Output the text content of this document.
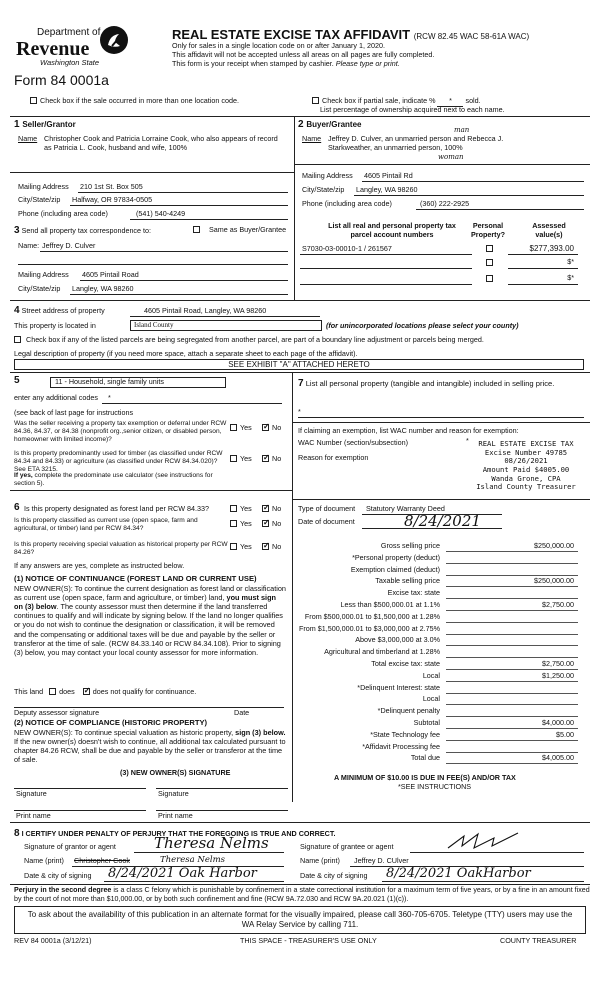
Department of
Revenue
Washington State
Form 84 0001a
REAL ESTATE EXCISE TAX AFFIDAVIT (RCW 82.45 WAC 58-61A WAC)
Only for sales in a single location code on or after January 1, 2020.
This affidavit will not be accepted unless all areas on all pages are fully completed.
This form is your receipt when stamped by cashier. Please type or print.
Check box if the sale occurred in more than one location code.	Check box if partial sale, indicate % * sold.
List percentage of ownership acquired next to each name.
1 Seller/Grantor
Name Christopher Cook and Patricia Lorraine Cook, who also appears of record as Patricia L. Cook, husband and wife, 100%
Mailing Address 210 1st St. Box 505
City/State/zip Halfway, OR 97834-0505
Phone (including area code)	(541) 540-4249
3 Send all property tax correspondence to:	Same as Buyer/Grantee
Name: Jeffrey D. Culver
Mailing Address 4605 Pintail Road
City/State/zip Langley, WA 98260
2 Buyer/Grantee
man
Name Jeffrey D. Culver, an unmarried person and Rebecca J.
Starkweather, an unmarried person, 100%
woman
Mailing Address 4605 Pintail Rd
City/State/zip Langley, WA 98260
Phone (including area code)	(360) 222-2925
List all real and personal property tax
parcel account numbers
Personal
Property?
Assessed
value(s)
S7030-03-00010-1 / 261567	$277,393.00
$*
$*
4 Street address of property	4605 Pintail Road, Langley, WA 98260
This property is located in	Island County	(for unincorporated locations please select your county)
Check box if any of the listed parcels are being segregated from another parcel, are part of a boundary line adjustment or parcels being merged.
Legal description of property (if you need more space, attach a separate sheet to each page of the affidavit).
SEE EXHIBIT "A" ATTACHED HERETO
5	11 - Household, single family units
enter any additional codes *
(see back of last page for instructions
Was the seller receiving a property tax exemption or deferral under RCW 84.36, 84.37, or 84.38 (nonprofit org.,senior citizen, or disabled person, homeowner with limited income)?
Yes ✓	No
Is this property predominantly used for timber (as classified under RCW 84.34 and 84.33) or agriculture (as classified under RCW 84.34.020)? See ETA 3215.
If yes, complete the predominate use calculator (see instructions for section 5).
Yes ✓	No
6 Is this property designated as forest land per RCW 84.33?	Yes ✓	No
Is this property classified as current use (open space, farm and agricultural, or timber) land per RCW 84.34?
Yes ✓	No
Is this property receiving special valuation as historical property per RCW 84.26?
Yes ✓	No
If any answers are yes, complete as instructed below.
(1) NOTICE OF CONTINUANCE (FOREST LAND OR CURRENT USE)
NEW OWNER(S): To continue the current designation as forest land or classification as current use (open space, farm and agriculture, or timber) land, you must sign on (3) below. The county assessor must then determine if the land transferred continues to qualify and will indicate by signing below. If the land no longer qualifies or you do not wish to continue the designation or classification, it will be removed and the compensating or additional taxes will be due and payable by the seller or transferor at the time of sale. (RCW 84.33.140 or RCW 84.34.108). Prior to signing (3) below, you may contact your local county assessor for more information.
This land does ✓	does not qualify for continuance.
Deputy assessor signature	Date
(2) NOTICE OF COMPLIANCE (HISTORIC PROPERTY)
NEW OWNER(S): To continue special valuation as historic property, sign (3) below. If the new owner(s) doesn't wish to continue, all additional tax calculated pursuant to chapter 84.26 RCW, shall be due and payable by the seller or transferor at the time of sale.
(3) NEW OWNER(S) SIGNATURE
Signature	Signature
Print name	Print name
7 List all personal property (tangible and intangible) included in selling price.
*
If claiming an exemption, list WAC number and reason for exemption:
WAC Number (section/subsection)	*
Reason for exemption
REAL ESTATE EXCISE TAX
Excise Number 49785
08/26/2021
Amount Paid $4005.00
Wanda Grone, CPA
Island County Treasurer
Type of document Statutory Warranty Deed
Date of document	8/24/2021
Gross selling price	$250,000.00
*Personal property (deduct)
Exemption claimed (deduct)
Taxable selling price	$250,000.00
Excise tax: state
Less than $500,000.01 at 1.1%	$2,750.00
From $500,000.01 to $1,500,000 at 1.28%
From $1,500,000.01 to $3,000,000 at 2.75%
Above $3,000,000 at 3.0%
Agricultural and timberland at 1.28%
Total excise tax: state	$2,750.00
Local	$1,250.00
*Delinquent Interest: state
Local
*Delinquent penalty
Subtotal	$4,000.00
*State Technology fee	$5.00
*Affidavit Processing fee
Total due	$4,005.00
A MINIMUM OF $10.00 IS DUE IN FEE(S) AND/OR TAX
*SEE INSTRUCTIONS
8 I CERTIFY UNDER PENALTY OF PERJURY THAT THE FOREGOING IS TRUE AND CORRECT.
Signature of grantor or agent	Theresa Nelms
Name (print) Christopher Cook	Theresa Nelms
Date & city of signing 8/24/2021 Oak Harbor
Signature of grantee or agent
Name (print) Jeffrey D. CUlver
Date & city of signing 8/24/2021 OakHarbor
Perjury in the second degree is a class C felony which is punishable by confinement in a state correctional institution for a maximum term of five years, or by a fine in an amount fixed by the court of not more than $10,000.00, or by both such confinement and fine (RCW 9A.72.030 and RCW 9A.20.021 (1)(c)).
To ask about the availability of this publication in an alternate format for the visually impaired, please call 360-705-6705. Teletype (TTY) users may use the WA Relay Service by calling 711.
REV 84 0001a (3/12/21)	THIS SPACE - TREASURER'S USE ONLY	COUNTY TREASURER
